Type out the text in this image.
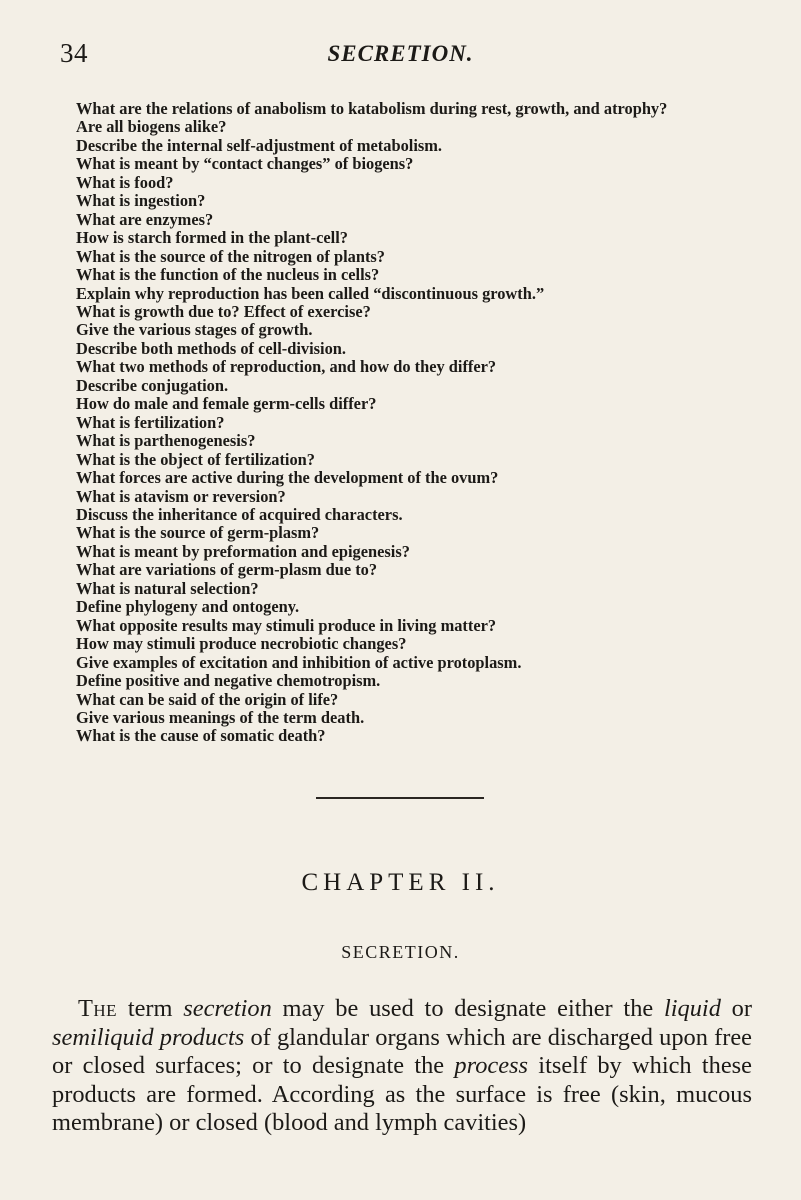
34	SECRETION.
What are the relations of anabolism to katabolism during rest, growth, and atrophy?
Are all biogens alike?
Describe the internal self-adjustment of metabolism.
What is meant by “contact changes” of biogens?
What is food?
What is ingestion?
What are enzymes?
How is starch formed in the plant-cell?
What is the source of the nitrogen of plants?
What is the function of the nucleus in cells?
Explain why reproduction has been called “discontinuous growth.”
What is growth due to? Effect of exercise?
Give the various stages of growth.
Describe both methods of cell-division.
What two methods of reproduction, and how do they differ?
Describe conjugation.
How do male and female germ-cells differ?
What is fertilization?
What is parthenogenesis?
What is the object of fertilization?
What forces are active during the development of the ovum?
What is atavism or reversion?
Discuss the inheritance of acquired characters.
What is the source of germ-plasm?
What is meant by preformation and epigenesis?
What are variations of germ-plasm due to?
What is natural selection?
Define phylogeny and ontogeny.
What opposite results may stimuli produce in living matter?
How may stimuli produce necrobiotic changes?
Give examples of excitation and inhibition of active protoplasm.
Define positive and negative chemotropism.
What can be said of the origin of life?
Give various meanings of the term death.
What is the cause of somatic death?
CHAPTER II.
SECRETION.

The term secretion may be used to designate either the liquid or semiliquid products of glandular organs which are discharged upon free or closed surfaces; or to designate the process itself by which these products are formed. According as the surface is free (skin, mucous membrane) or closed (blood and lymph cavities)
